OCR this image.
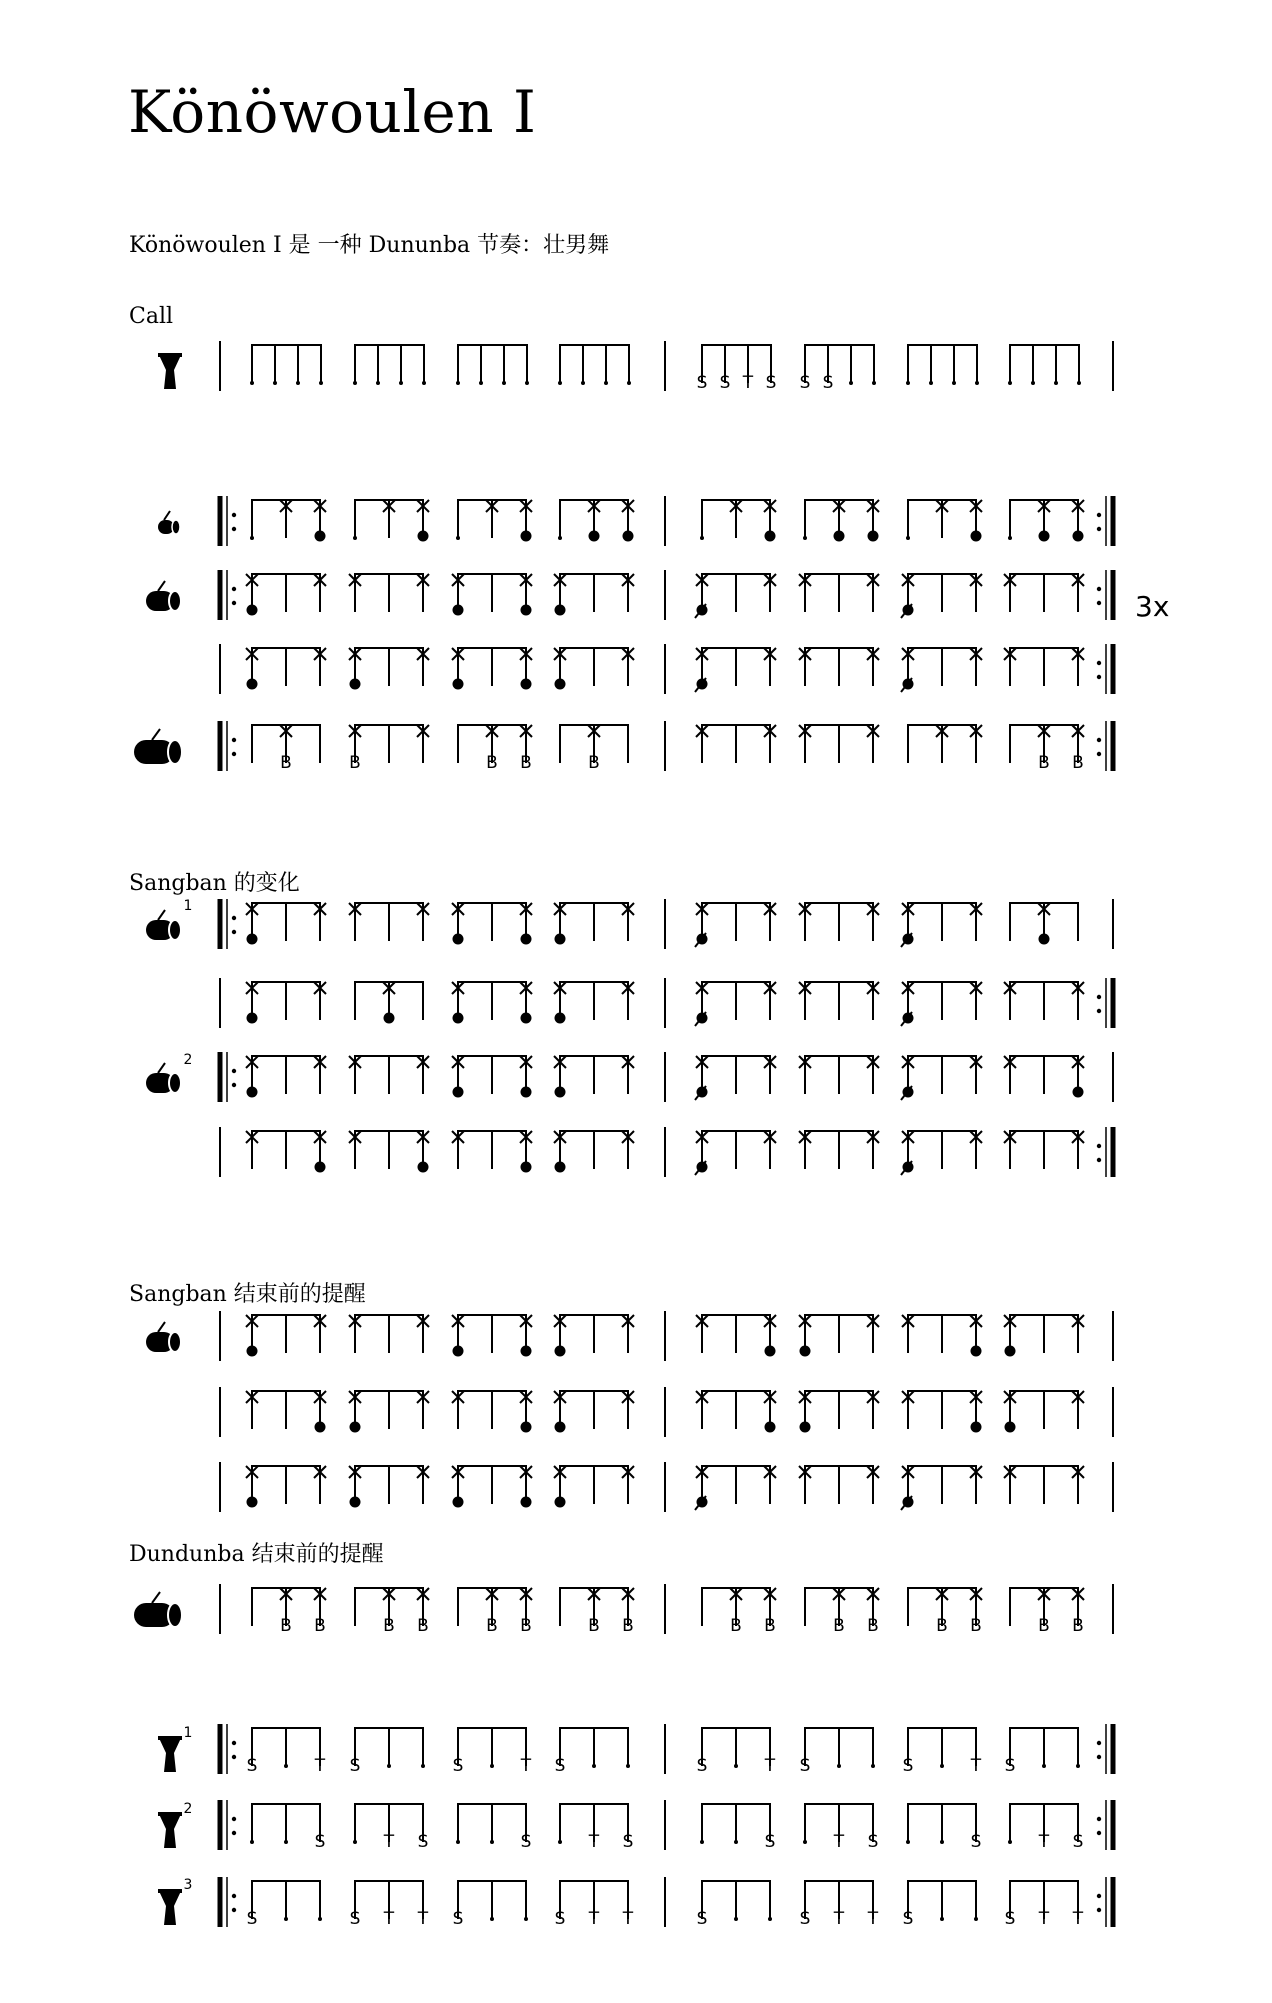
Könöwoulen I
Könöwoulen I 是 一种 Dununba 节奏：壮男舞
Call
Sangban 的变化
Sangban 结束前的提醒
Dundunba 结束前的提醒
S S T S S S
B	B	B B	B	B B
B B	B B	B B	B B	B B	B B	B B	B B
S	T S	S	T S	S	T S	S	T S
S	T S	S	T S	S	T S	S	T S
S	S T T S	S T T	S	S T T S	S T T
3x
1
2
1
2
3
